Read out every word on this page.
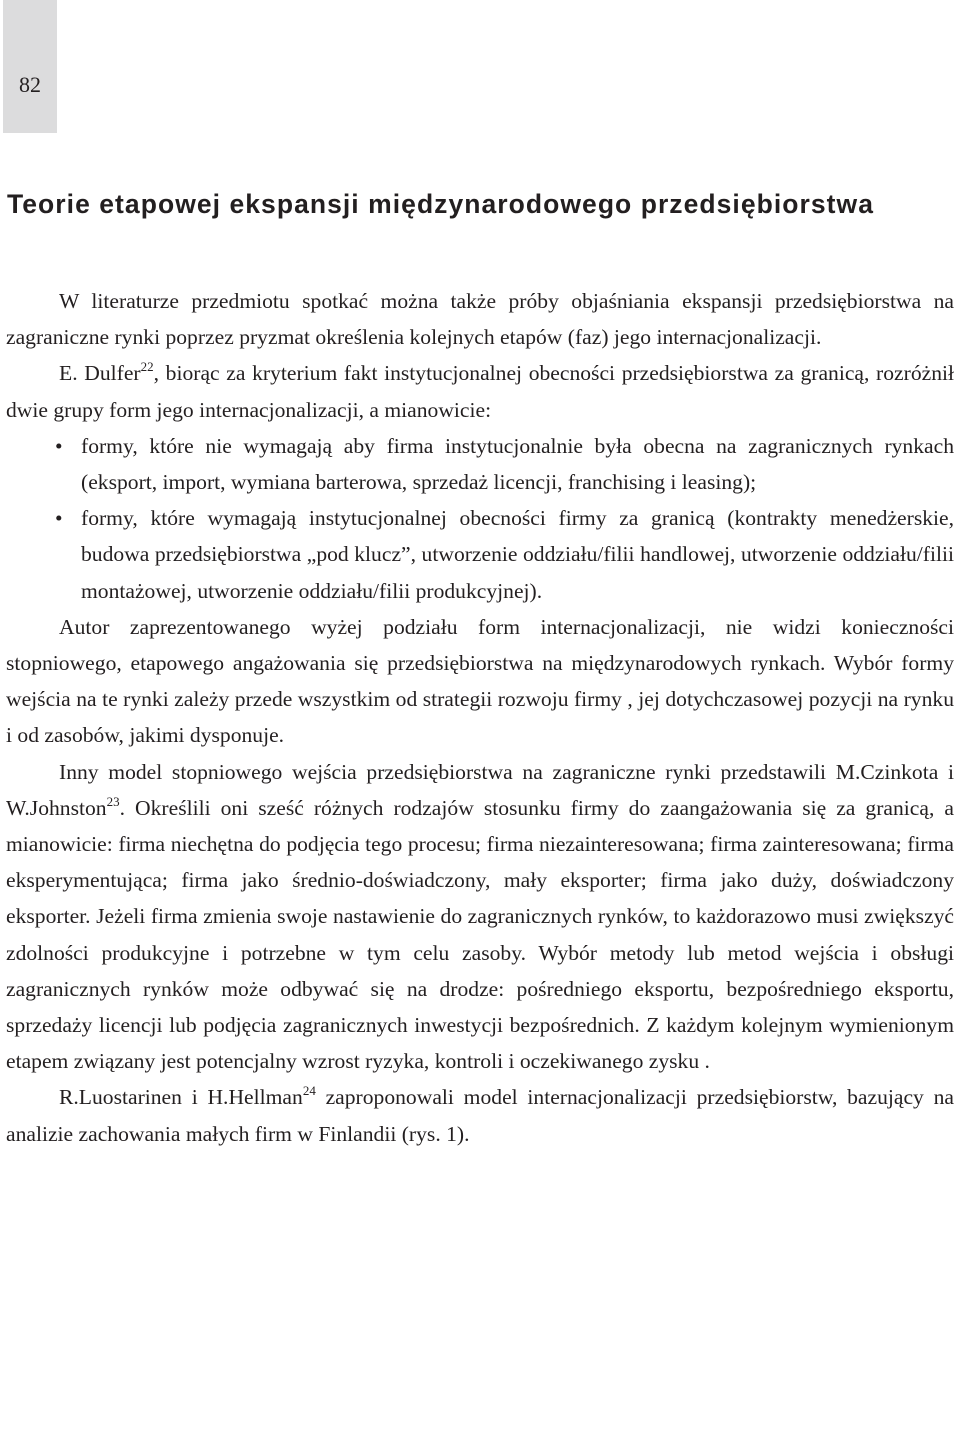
82
Teorie etapowej ekspansji międzynarodowego przedsiębiorstwa

W literaturze przedmiotu spotkać można także próby objaśniania ekspansji przedsiębiorstwa na zagraniczne rynki poprzez pryzmat określenia kolejnych etapów (faz) jego internacjonalizacji.

E. Dulfer$^{22}$, biorąc za kryterium fakt instytucjonalnej obecności przedsiębiorstwa za granicą, rozróżnił dwie grupy form jego internacjonalizacji, a mianowicie:

• formy, które nie wymagają aby firma instytucjonalnie była obecna na zagranicznych rynkach (eksport, import, wymiana barterowa, sprzedaż licencji, franchising i leasing);
• formy, które wymagają instytucjonalnej obecności firmy za granicą (kontrakty menedżerskie, budowa przedsiębiorstwa „pod klucz”, utworzenie oddziału/filii handlowej, utworzenie oddziału/filii montażowej, utworzenie oddziału/filii produkcyjnej).

Autor zaprezentowanego wyżej podziału form internacjonalizacji, nie widzi konieczności stopniowego, etapowego angażowania się przedsiębiorstwa na międzynarodowych rynkach. Wybór formy wejścia na te rynki zależy przede wszystkim od strategii rozwoju firmy , jej dotychczasowej pozycji na rynku i od zasobów, jakimi dysponuje.

Inny model stopniowego wejścia przedsiębiorstwa na zagraniczne rynki przedstawili M.Czinkota i W.Johnston$^{23}$. Określili oni sześć różnych rodzajów stosunku firmy do zaangażowania się za granicą, a mianowicie: firma niechętna do podjęcia tego procesu; firma niezainteresowana; firma zainteresowana; firma eksperymentująca; firma jako średnio-doświadczony, mały eksporter; firma jako duży, doświadczony eksporter. Jeżeli firma zmienia swoje nastawienie do zagranicznych rynków, to każdorazowo musi zwiększyć zdolności produkcyjne i potrzebne w tym celu zasoby. Wybór metody lub metod wejścia i obsługi zagranicznych rynków może odbywać się na drodze: pośredniego eksportu, bezpośredniego eksportu, sprzedaży licencji lub podjęcia zagranicznych inwestycji bezpośrednich. Z każdym kolejnym wymienionym etapem związany jest potencjalny wzrost ryzyka, kontroli i oczekiwanego zysku .

R.Luostarinen i H.Hellman$^{24}$ zaproponowali model internacjonalizacji przedsiębiorstw, bazujący na analizie zachowania małych firm w Finlandii (rys. 1).
